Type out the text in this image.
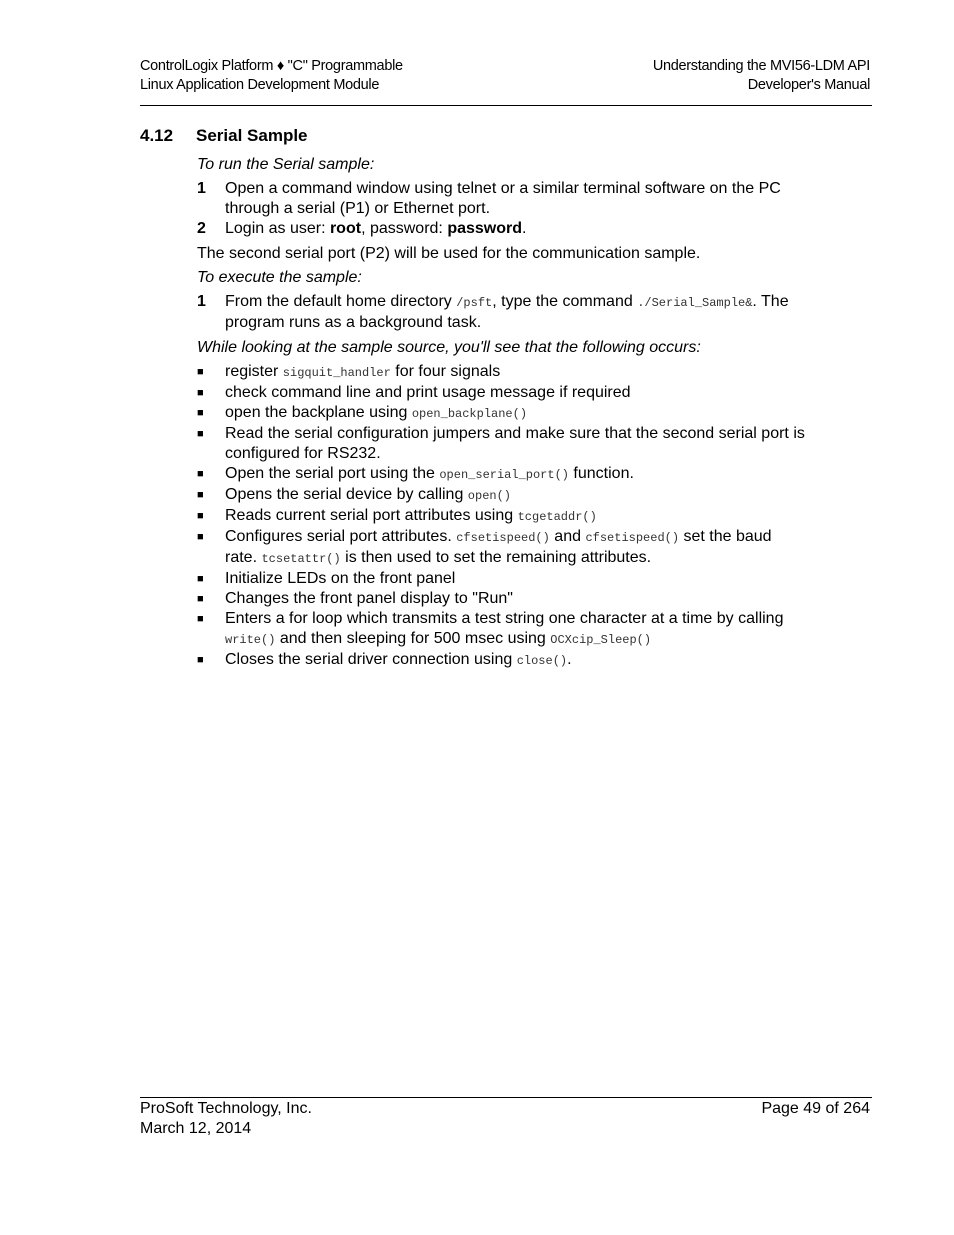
ControlLogix Platform ♦ "C" Programmable
Linux Application Development Module
Understanding the MVI56-LDM API
Developer's Manual
4.12 Serial Sample

To run the Serial sample:

1 Open a command window using telnet or a similar terminal software on the PC through a serial (P1) or Ethernet port.
2 Login as user: root, password: password.

The second serial port (P2) will be used for the communication sample.

To execute the sample:

1 From the default home directory /psft, type the command ./Serial_Sample&. The program runs as a background task.

While looking at the sample source, you'll see that the following occurs:

■ register sigquit_handler for four signals
■ check command line and print usage message if required
■ open the backplane using open_backplane()
■ Read the serial configuration jumpers and make sure that the second serial port is configured for RS232.
■ Open the serial port using the open_serial_port() function.
■ Opens the serial device by calling open()
■ Reads current serial port attributes using tcgetaddr()
■ Configures serial port attributes. cfsetispeed() and cfsetispeed() set the baud rate. tcsetattr() is then used to set the remaining attributes.
■ Initialize LEDs on the front panel
■ Changes the front panel display to "Run"
■ Enters a for loop which transmits a test string one character at a time by calling write() and then sleeping for 500 msec using OCXcip_Sleep()
■ Closes the serial driver connection using close().
ProSoft Technology, Inc.
March 12, 2014
Page 49 of 264
